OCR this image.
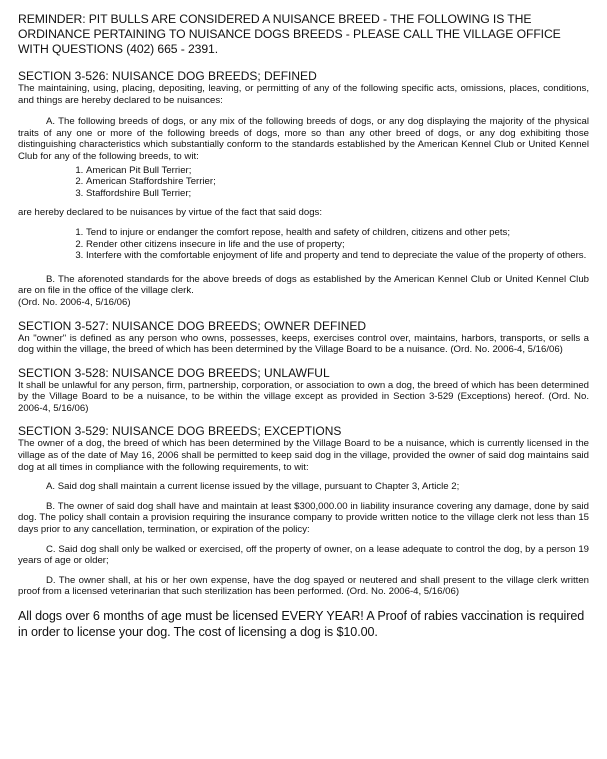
REMINDER: PIT BULLS ARE CONSIDERED A NUISANCE BREED - THE FOLLOWING IS THE ORDINANCE PERTAINING TO NUISANCE DOGS BREEDS - PLEASE CALL THE VILLAGE OFFICE WITH QUESTIONS (402) 665 - 2391.

SECTION 3-526: NUISANCE DOG BREEDS; DEFINED

The maintaining, using, placing, depositing, leaving, or permitting of any of the following specific acts, omissions, places, conditions, and things are hereby declared to be nuisances:

A. The following breeds of dogs, or any mix of the following breeds of dogs, or any dog displaying the majority of the physical traits of any one or more of the following breeds of dogs, more so than any other breed of dogs, or any dog exhibiting those distinguishing characteristics which substantially conform to the standards established by the American Kennel Club or United Kennel Club for any of the following breeds, to wit:

1. American Pit Bull Terrier;
2. American Staffordshire Terrier;
3. Staffordshire Bull Terrier;

are hereby declared to be nuisances by virtue of the fact that said dogs:

1. Tend to injure or endanger the comfort repose, health and safety of children, citizens and other pets;
2. Render other citizens insecure in life and the use of property;
3. Interfere with the comfortable enjoyment of life and property and tend to depreciate the value of the property of others.

B. The aforenoted standards for the above breeds of dogs as established by the American Kennel Club or United Kennel Club are on file in the office of the village clerk.

(Ord. No. 2006-4, 5/16/06)

SECTION 3-527: NUISANCE DOG BREEDS; OWNER DEFINED

An "owner" is defined as any person who owns, possesses, keeps, exercises control over, maintains, harbors, transports, or sells a dog within the village, the breed of which has been determined by the Village Board to be a nuisance. (Ord. No. 2006-4, 5/16/06)

SECTION 3-528: NUISANCE DOG BREEDS; UNLAWFUL

It shall be unlawful for any person, firm, partnership, corporation, or association to own a dog, the breed of which has been determined by the Village Board to be a nuisance, to be within the village except as provided in Section 3-529 (Exceptions) hereof. (Ord. No. 2006-4, 5/16/06)

SECTION 3-529: NUISANCE DOG BREEDS; EXCEPTIONS

The owner of a dog, the breed of which has been determined by the Village Board to be a nuisance, which is currently licensed in the village as of the date of May 16, 2006 shall be permitted to keep said dog in the village, provided the owner of said dog maintains said dog at all times in compliance with the following requirements, to wit:

A. Said dog shall maintain a current license issued by the village, pursuant to Chapter 3, Article 2;

B. The owner of said dog shall have and maintain at least $300,000.00 in liability insurance covering any damage, done by said dog. The policy shall contain a provision requiring the insurance company to provide written notice to the village clerk not less than 15 days prior to any cancellation, termination, or expiration of the policy:

C. Said dog shall only be walked or exercised, off the property of owner, on a lease adequate to control the dog, by a person 19 years of age or older;

D. The owner shall, at his or her own expense, have the dog spayed or neutered and shall present to the village clerk written proof from a licensed veterinarian that such sterilization has been performed. (Ord. No. 2006-4, 5/16/06)

All dogs over 6 months of age must be licensed EVERY YEAR! A Proof of rabies vaccination is required in order to license your dog. The cost of licensing a dog is $10.00.
